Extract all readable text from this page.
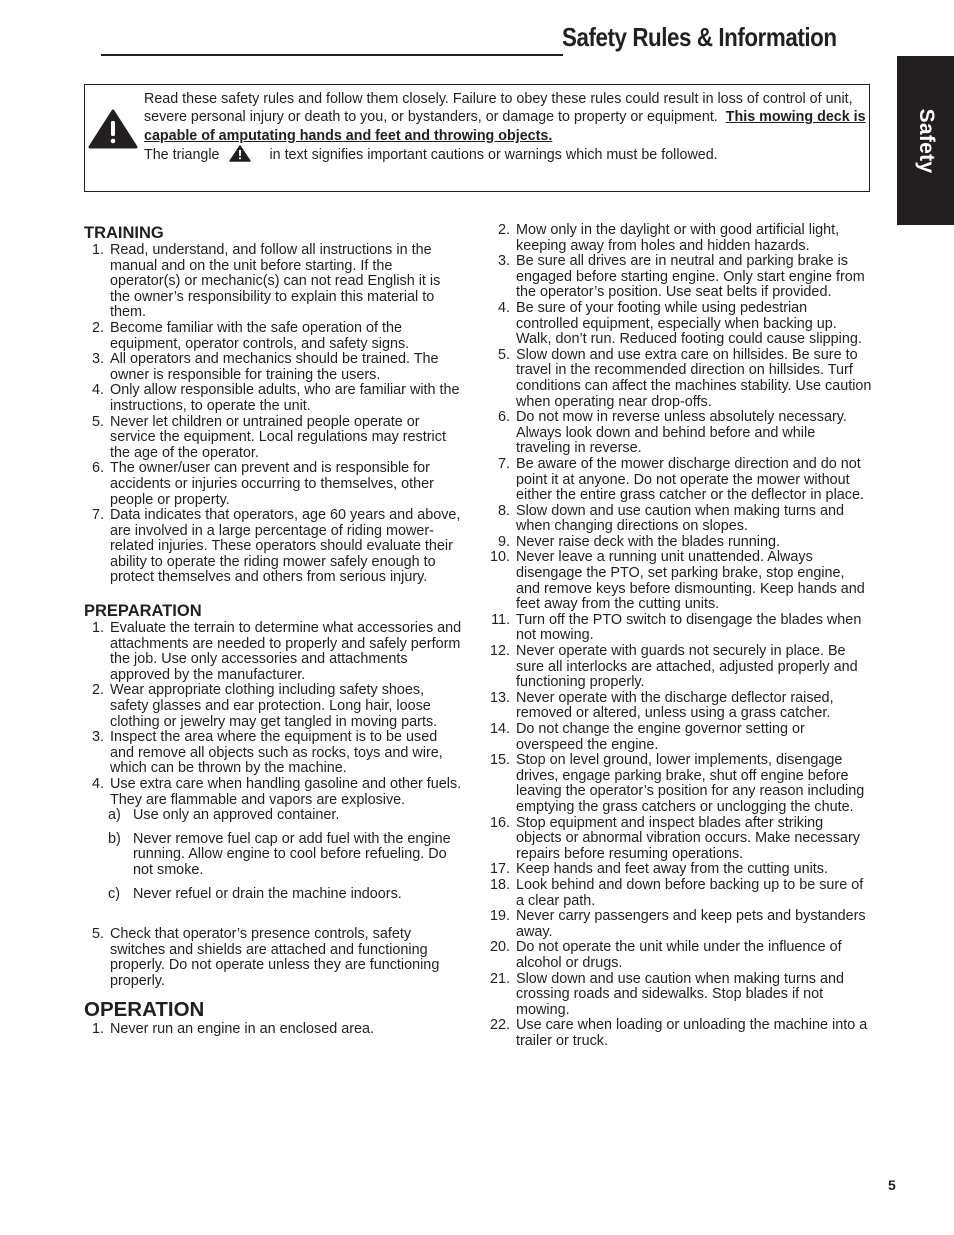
Safety Rules & Information
Safety
Read these safety rules and follow them closely. Failure to obey these rules could result in loss of control of unit, severe personal injury or death to you, or bystanders, or damage to property or equipment. This mowing deck is capable of amputating hands and feet and throwing objects.
The triangle	in text signifies important cautions or warnings which must be followed.
TRAINING
1. Read, understand, and follow all instructions in the manual and on the unit before starting. If the operator(s) or mechanic(s) can not read English it is the owner’s responsibility to explain this material to them.
2. Become familiar with the safe operation of the equipment, operator controls, and safety signs.
3. All operators and mechanics should be trained. The owner is responsible for training the users.
4. Only allow responsible adults, who are familiar with the instructions, to operate the unit.
5. Never let children or untrained people operate or service the equipment. Local regulations may restrict the age of the operator.
6. The owner/user can prevent and is responsible for accidents or injuries occurring to themselves, other people or property.
7. Data indicates that operators, age 60 years and above, are involved in a large percentage of riding mower-related injuries. These operators should evaluate their ability to operate the riding mower safely enough to protect themselves and others from serious injury.
PREPARATION
1. Evaluate the terrain to determine what accessories and attachments are needed to properly and safely perform the job. Use only accessories and attachments approved by the manufacturer.
2. Wear appropriate clothing including safety shoes, safety glasses and ear protection. Long hair, loose clothing or jewelry may get tangled in moving parts.
3. Inspect the area where the equipment is to be used and remove all objects such as rocks, toys and wire, which can be thrown by the machine.
4. Use extra care when handling gasoline and other fuels. They are flammable and vapors are explosive.
a) Use only an approved container.
b) Never remove fuel cap or add fuel with the engine running. Allow engine to cool before refueling. Do not smoke.
c) Never refuel or drain the machine indoors.
5. Check that operator’s presence controls, safety switches and shields are attached and functioning properly. Do not operate unless they are functioning properly.
OPERATION
1. Never run an engine in an enclosed area.
2. Mow only in the daylight or with good artificial light, keeping away from holes and hidden hazards.
3. Be sure all drives are in neutral and parking brake is engaged before starting engine. Only start engine from the operator’s position. Use seat belts if provided.
4. Be sure of your footing while using pedestrian controlled equipment, especially when backing up. Walk, don’t run. Reduced footing could cause slipping.
5. Slow down and use extra care on hillsides. Be sure to travel in the recommended direction on hillsides. Turf conditions can affect the machines stability. Use caution when operating near drop-offs.
6. Do not mow in reverse unless absolutely necessary. Always look down and behind before and while traveling in reverse.
7. Be aware of the mower discharge direction and do not point it at anyone. Do not operate the mower without either the entire grass catcher or the deflector in place.
8. Slow down and use caution when making turns and when changing directions on slopes.
9. Never raise deck with the blades running.
10. Never leave a running unit unattended. Always disengage the PTO, set parking brake, stop engine, and remove keys before dismounting. Keep hands and feet away from the cutting units.
11. Turn off the PTO switch to disengage the blades when not mowing.
12. Never operate with guards not securely in place. Be sure all interlocks are attached, adjusted properly and functioning properly.
13. Never operate with the discharge deflector raised, removed or altered, unless using a grass catcher.
14. Do not change the engine governor setting or overspeed the engine.
15. Stop on level ground, lower implements, disengage drives, engage parking brake, shut off engine before leaving the operator’s position for any reason including emptying the grass catchers or unclogging the chute.
16. Stop equipment and inspect blades after striking objects or abnormal vibration occurs. Make necessary repairs before resuming operations.
17. Keep hands and feet away from the cutting units.
18. Look behind and down before backing up to be sure of a clear path.
19. Never carry passengers and keep pets and bystanders away.
20. Do not operate the unit while under the influence of alcohol or drugs.
21. Slow down and use caution when making turns and crossing roads and sidewalks. Stop blades if not mowing.
22. Use care when loading or unloading the machine into a trailer or truck.
5
